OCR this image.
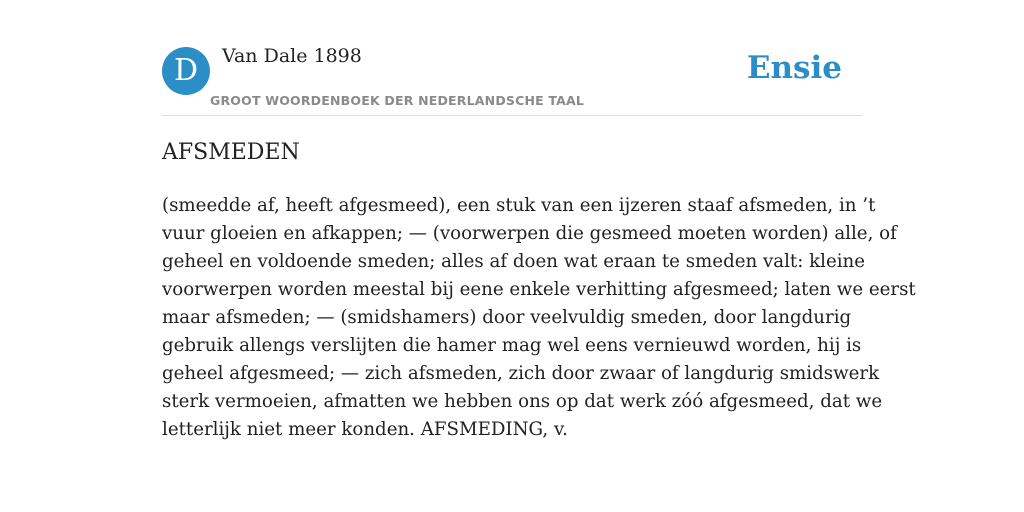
D	Van Dale 1898
GROOT WOORDENBOEK DER NEDERLANDSCHE TAAL
Ensie
AFSMEDEN
(smeedde af, heeft afgesmeed), een stuk van een ijzeren staaf afsmeden, in ’t
vuur gloeien en afkappen; — (voorwerpen die gesmeed moeten worden) alle, of
geheel en voldoende smeden; alles af doen wat eraan te smeden valt: kleine
voorwerpen worden meestal bij eene enkele verhitting afgesmeed; laten we eerst
maar afsmeden; — (smidshamers) door veelvuldig smeden, door langdurig
gebruik allengs verslijten die hamer mag wel eens vernieuwd worden, hij is
geheel afgesmeed; — zich afsmeden, zich door zwaar of langdurig smidswerk
sterk vermoeien, afmatten we hebben ons op dat werk zóó afgesmeed, dat we
letterlijk niet meer konden. AFSMEDING, v.
